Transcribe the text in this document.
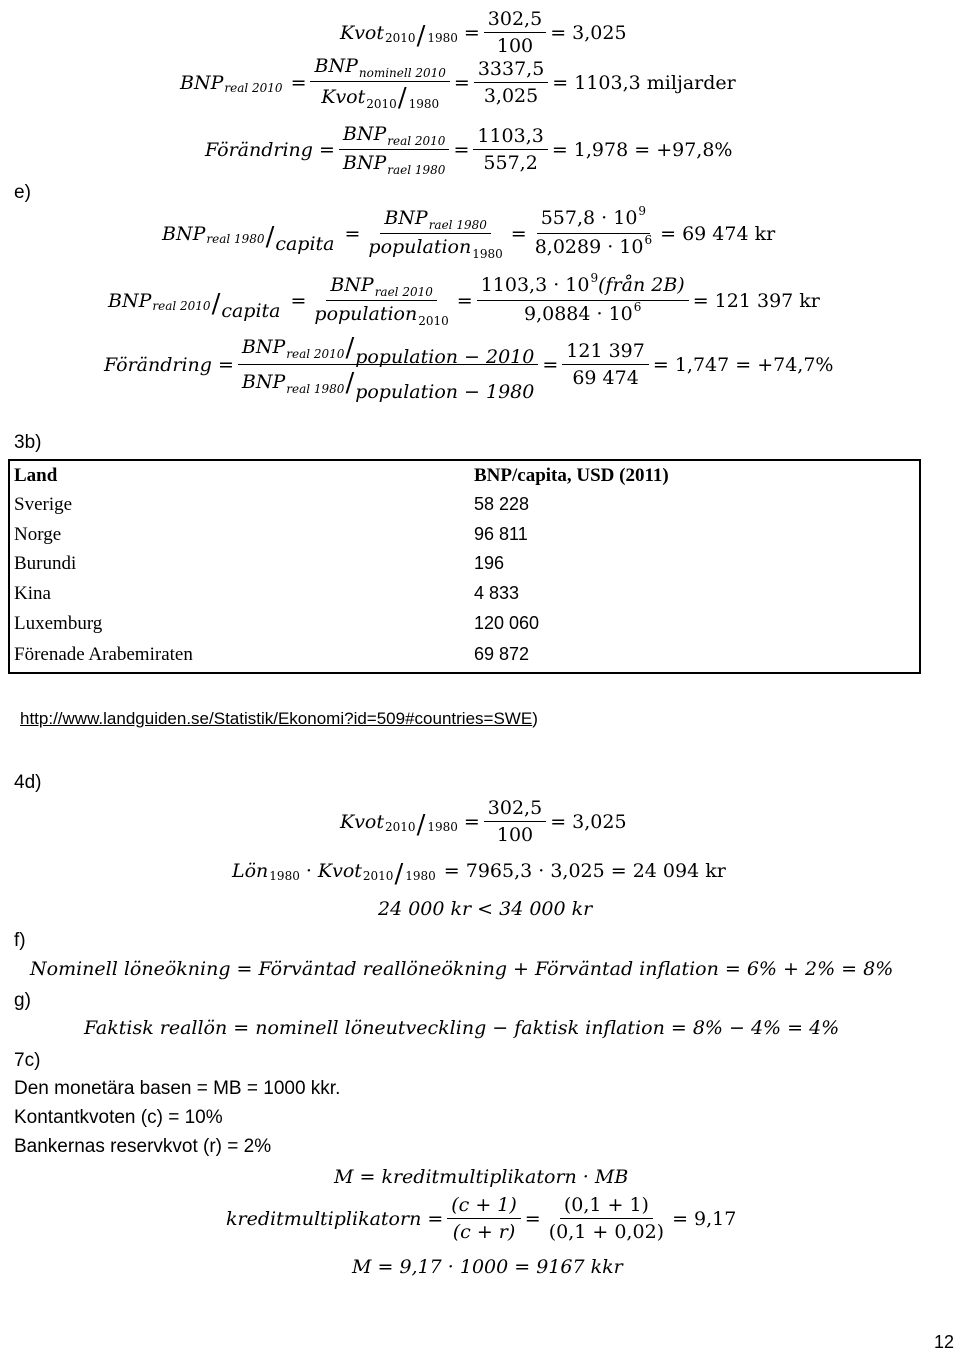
e)
Kvot $2010 / 1980 = \frac{302,5}{100} = 3,025$
BNP real $2010 = \frac{BNP_{nominell 2010}}{Kvot_{2010}/ _{1980}} = \frac{3337,5}{3,025} = 1103,3$ miljarder
Förändring = $\frac{BNP_{real 2010}}{BNP_{rael 1980}} = \frac{1103,3}{557,2} = 1,978 = +97,8\%$
BNP real 1980 / capita = $\frac{BNP_{rael 1980}}{population_{1980}} = \frac{557,8 \cdot 10^9}{8,0289 \cdot 10^6} = 69$ 474 kr
BNP real 2010 / capita = $\frac{BNP_{rael 2010}}{population_{2010}} = \frac{1103,3 \cdot 10^9(från 2B)}{9,0884 \cdot 10^6} = 121$ 397 kr
Förändring = $\frac{BNP_{real 2010}/population - 2010}{BNP_{real 1980}/population - 1980} = \frac{121 397}{69 474} = 1,747 = +74,7\%$
3b)
Land	BNP/capita, USD (2011)
Sverige	58 228
Norge	96 811
Burundi	196
Kina	4 833
Luxemburg	120 060
Förenade Arabemiraten	69 872
http://www.landguiden.se/Statistik/Ekonomi?id=509#countries=SWE)
4d)
Kvot $2010 / 1980 = \frac{302,5}{100} = 3,025$
Lön 1980 · Kvot 2010 / 1980 = 7965,3 · 3,025 = 24 094 kr
24 000 kr < 34 000 kr
f)
Nominell löneökning = Förväntad reallöneökning + Förväntad inflation = 6% + 2% = 8%
g)
Faktisk reallön = nominell löneutveckling − faktisk inflation = 8% − 4% = 4%
7c)
Den monetära basen = MB = 1000 kkr.
Kontantkvoten (c) = 10%
Bankernas reservkvot (r) = 2%
M = kreditmultiplikatorn · MB
kreditmultiplikatorn = $\frac{(c + 1)}{(c + r)} = \frac{(0,1 + 1)}{(0,1 + 0,02)} = 9,17$
M = 9,17 · 1000 = 9167 kkr
12
